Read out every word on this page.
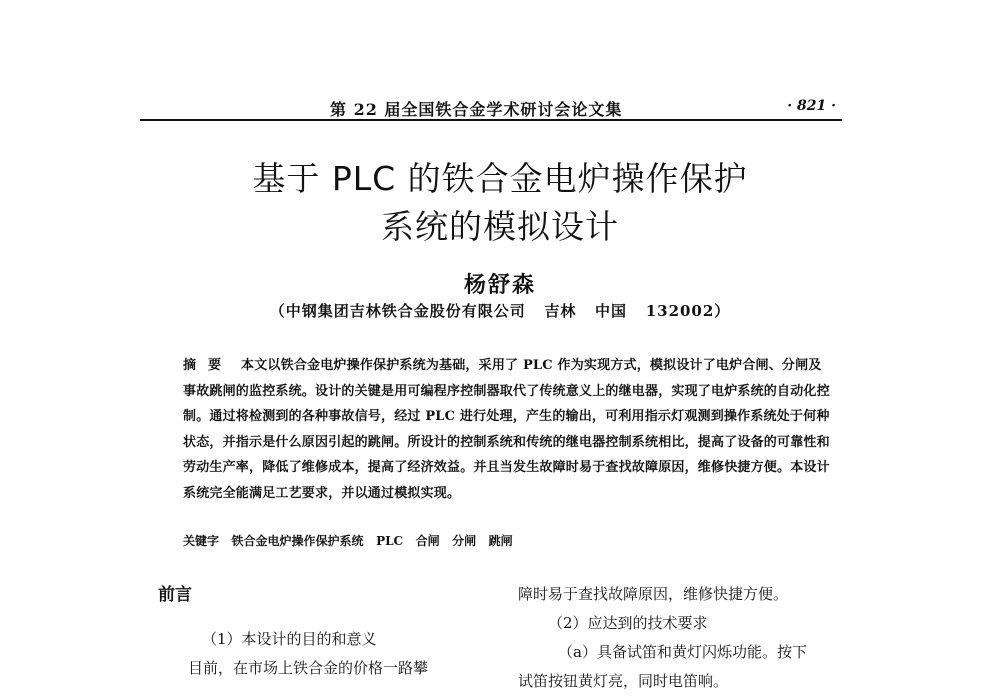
第 22 届全国铁合金学术研讨会论文集	· 821 ·
基于 PLC 的铁合金电炉操作保护
系统的模拟设计
杨舒森
（中钢集团吉林铁合金股份有限公司   吉林   中国   132002）
摘要 本文以铁合金电炉操作保护系统为基础，采用了 PLC 作为实现方式，模拟设计了电炉合闸、分闸及事故跳闸的监控系统。设计的关键是用可编程序控制器取代了传统意义上的继电器，实现了电炉系统的自动化控制。通过将检测到的各种事故信号，经过 PLC 进行处理，产生的输出，可利用指示灯观测到操作系统处于何种状态，并指示是什么原因引起的跳闸。所设计的控制系统和传统的继电器控制系统相比，提高了设备的可靠性和劳动生产率，降低了维修成本，提高了经济效益。并且当发生故障时易于查找故障原因，维修快捷方便。本设计系统完全能满足工艺要求，并以通过模拟实现。
关键字   铁合金电炉操作保护系统   PLC   合闸   分闸   跳闸
前言
（1）本设计的目的和意义
目前，在市场上铁合金的价格一路攀
障时易于查找故障原因，维修快捷方便。
（2）应达到的技术要求
（a）具备试笛和黄灯闪烁功能。按下
试笛按钮黄灯亮，同时电笛响。
